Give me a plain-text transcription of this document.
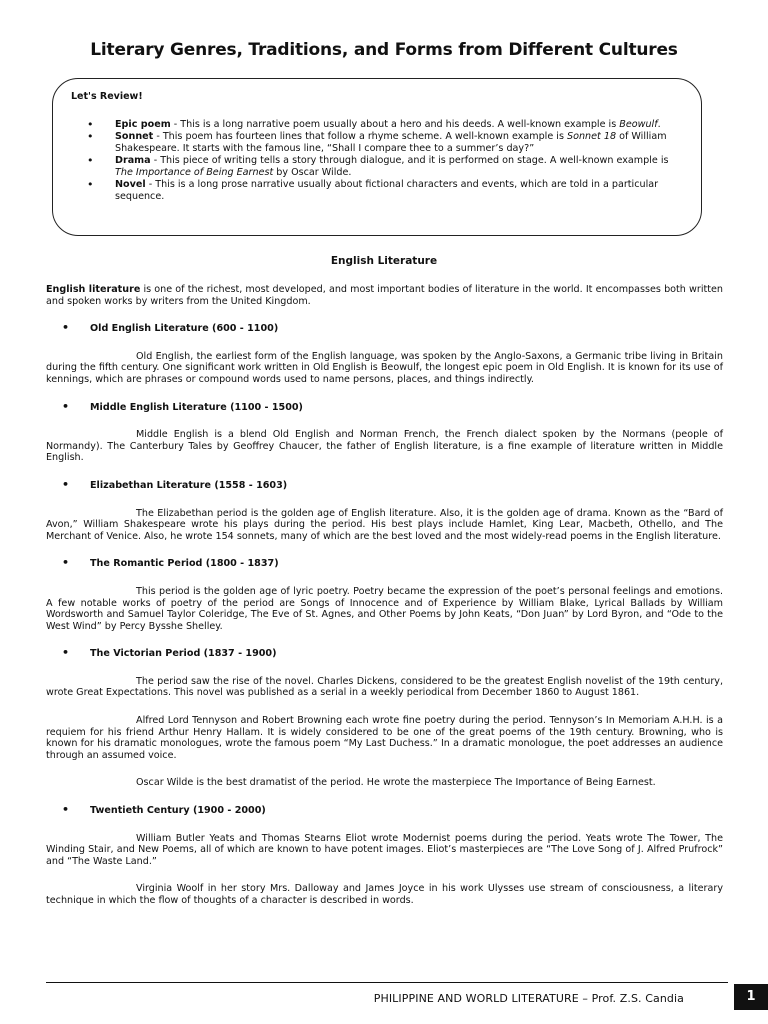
Literary Genres, Traditions, and Forms from Different Cultures
Let's Review!
• Epic poem - This is a long narrative poem usually about a hero and his deeds. A well-known example is Beowulf.
• Sonnet - This poem has fourteen lines that follow a rhyme scheme. A well-known example is Sonnet 18 of William Shakespeare. It starts with the famous line, “Shall I compare thee to a summer’s day?”
• Drama - This piece of writing tells a story through dialogue, and it is performed on stage. A well-known example is The Importance of Being Earnest by Oscar Wilde.
• Novel - This is a long prose narrative usually about fictional characters and events, which are told in a particular sequence.
English Literature

English literature is one of the richest, most developed, and most important bodies of literature in the world. It encompasses both written and spoken works by writers from the United Kingdom.

• Old English Literature (600 - 1100)

Old English, the earliest form of the English language, was spoken by the Anglo-Saxons, a Germanic tribe living in Britain during the fifth century. One significant work written in Old English is Beowulf, the longest epic poem in Old English. It is known for its use of kennings, which are phrases or compound words used to name persons, places, and things indirectly.

• Middle English Literature (1100 - 1500)

Middle English is a blend Old English and Norman French, the French dialect spoken by the Normans (people of Normandy). The Canterbury Tales by Geoffrey Chaucer, the father of English literature, is a fine example of literature written in Middle English.

• Elizabethan Literature (1558 - 1603)

The Elizabethan period is the golden age of English literature. Also, it is the golden age of drama. Known as the “Bard of Avon,” William Shakespeare wrote his plays during the period. His best plays include Hamlet, King Lear, Macbeth, Othello, and The Merchant of Venice. Also, he wrote 154 sonnets, many of which are the best loved and the most widely-read poems in the English literature.

• The Romantic Period (1800 - 1837)

This period is the golden age of lyric poetry. Poetry became the expression of the poet’s personal feelings and emotions. A few notable works of poetry of the period are Songs of Innocence and of Experience by William Blake, Lyrical Ballads by William Wordsworth and Samuel Taylor Coleridge, The Eve of St. Agnes, and Other Poems by John Keats, “Don Juan” by Lord Byron, and “Ode to the West Wind” by Percy Bysshe Shelley.

• The Victorian Period (1837 - 1900)

The period saw the rise of the novel. Charles Dickens, considered to be the greatest English novelist of the 19th century, wrote Great Expectations. This novel was published as a serial in a weekly periodical from December 1860 to August 1861.

Alfred Lord Tennyson and Robert Browning each wrote fine poetry during the period. Tennyson’s In Memoriam A.H.H. is a requiem for his friend Arthur Henry Hallam. It is widely considered to be one of the great poems of the 19th century. Browning, who is known for his dramatic monologues, wrote the famous poem “My Last Duchess.” In a dramatic monologue, the poet addresses an audience through an assumed voice.

Oscar Wilde is the best dramatist of the period. He wrote the masterpiece The Importance of Being Earnest.

• Twentieth Century (1900 - 2000)

William Butler Yeats and Thomas Stearns Eliot wrote Modernist poems during the period. Yeats wrote The Tower, The Winding Stair, and New Poems, all of which are known to have potent images. Eliot’s masterpieces are “The Love Song of J. Alfred Prufrock” and “The Waste Land.”

Virginia Woolf in her story Mrs. Dalloway and James Joyce in his work Ulysses use stream of consciousness, a literary technique in which the flow of thoughts of a character is described in words.

PHILIPPINE AND WORLD LITERATURE – Prof. Z.S. Candia	1
